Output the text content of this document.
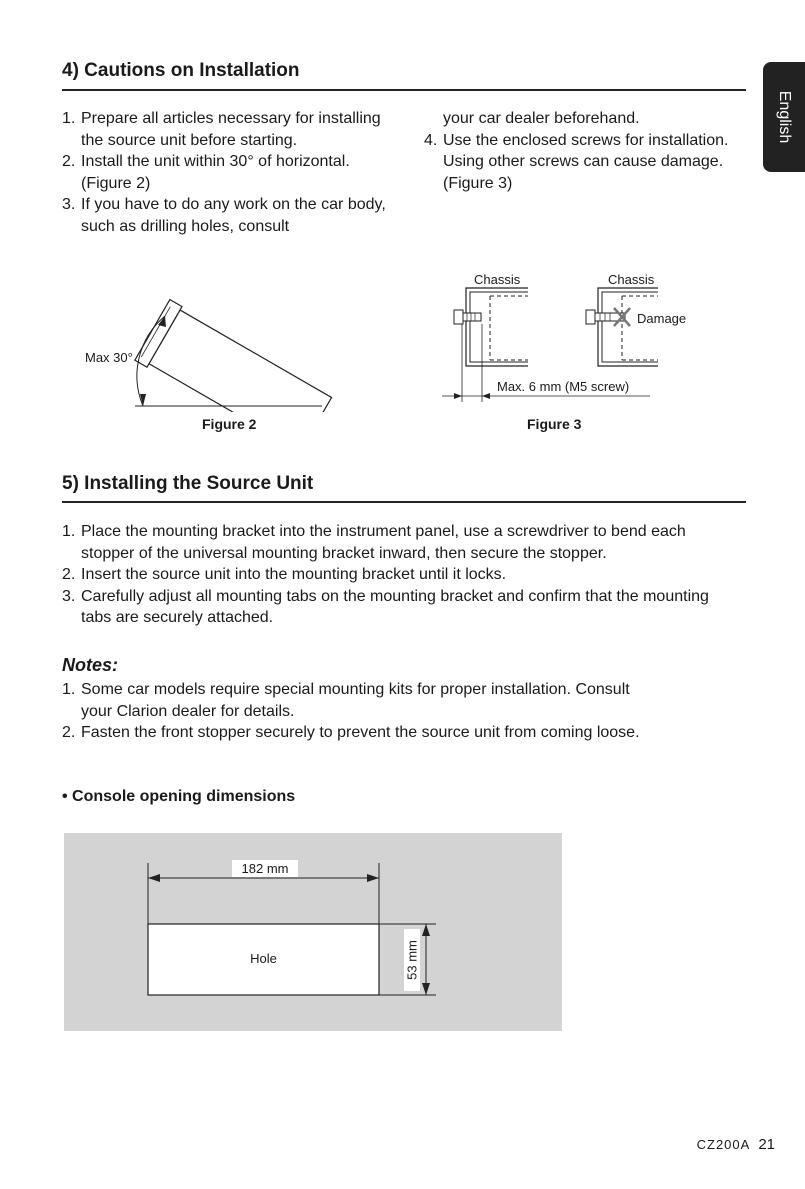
English
4) Cautions on Installation
1. Prepare all articles necessary for installing the source unit before starting.
2. Install the unit within 30° of horizontal. (Figure 2)
3. If you have to do any work on the car body, such as drilling holes, consult
your car dealer beforehand.
4. Use the enclosed screws for installation. Using other screws can cause damage. (Figure 3)
Max 30°
Figure 2
Chassis	Chassis
Damage
Max. 6 mm (M5 screw)
Figure 3
5) Installing the Source Unit
1. Place the mounting bracket into the instrument panel, use a screwdriver to bend each stopper of the universal mounting bracket inward, then secure the stopper.
2. Insert the source unit into the mounting bracket until it locks.
3. Carefully adjust all mounting tabs on the mounting bracket and confirm that the mounting tabs are securely attached.
Notes:
1. Some car models require special mounting kits for proper installation. Consult your Clarion dealer for details.
2. Fasten the front stopper securely to prevent the source unit from coming loose.
• Console opening dimensions
182 mm
Hole	53 mm
CZ200A 21
